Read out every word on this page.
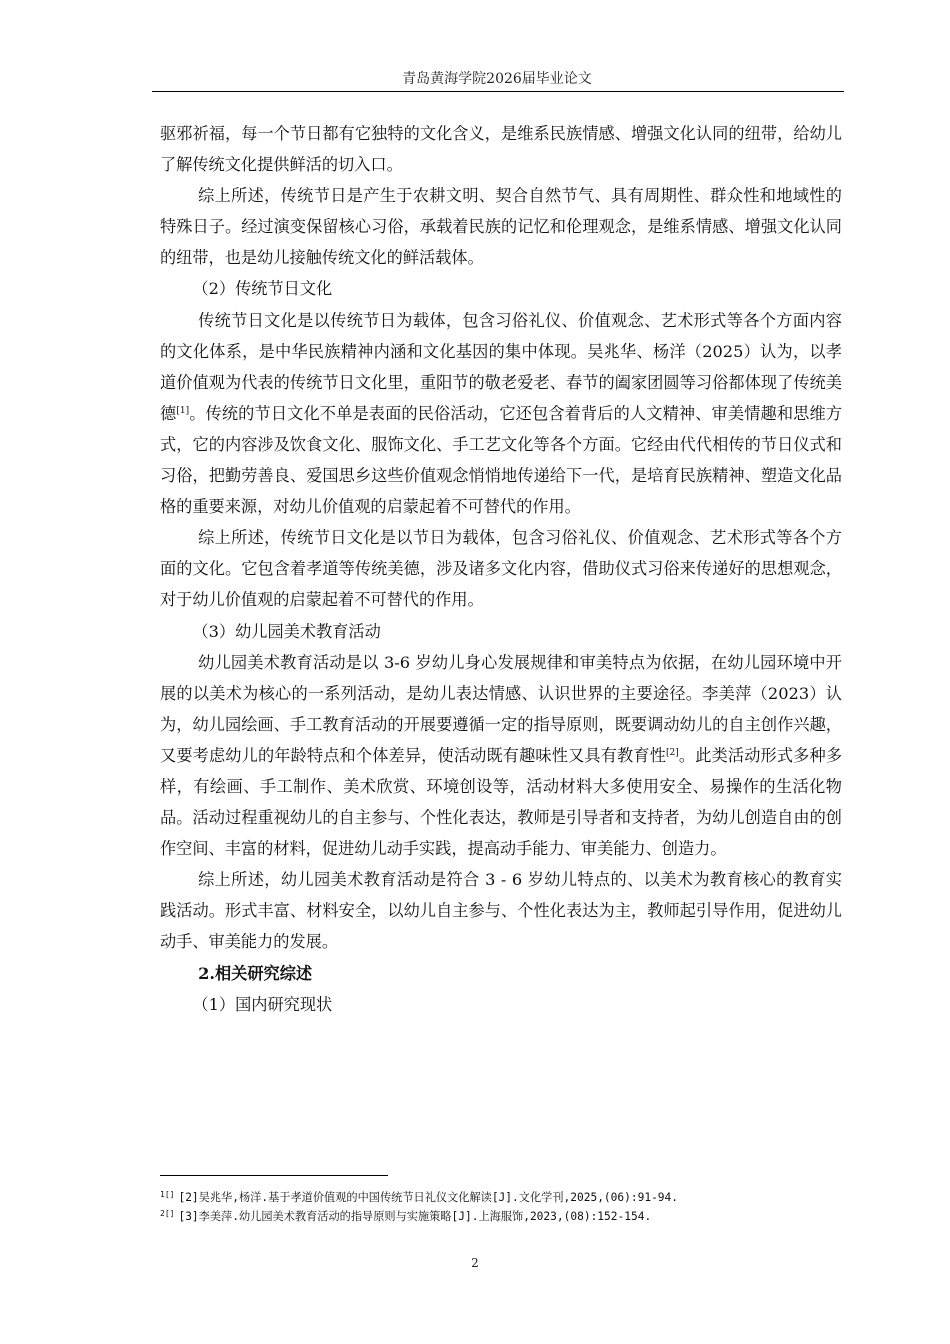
青岛黄海学院2026届毕业论文

驱邪祈福，每一个节日都有它独特的文化含义，是维系民族情感、增强文化认同的纽带，给幼儿了解传统文化提供鲜活的切入口。

综上所述，传统节日是产生于农耕文明、契合自然节气、具有周期性、群众性和地域性的特殊日子。经过演变保留核心习俗，承载着民族的记忆和伦理观念，是维系情感、增强文化认同的纽带，也是幼儿接触传统文化的鲜活载体。

（2）传统节日文化

传统节日文化是以传统节日为载体，包含习俗礼仪、价值观念、艺术形式等各个方面内容的文化体系，是中华民族精神内涵和文化基因的集中体现。吴兆华、杨洋（2025）认为，以孝道价值观为代表的传统节日文化里，重阳节的敬老爱老、春节的阖家团圆等习俗都体现了传统美德[1]。传统的节日文化不单是表面的民俗活动，它还包含着背后的人文精神、审美情趣和思维方式，它的内容涉及饮食文化、服饰文化、手工艺文化等各个方面。它经由代代相传的节日仪式和习俗，把勤劳善良、爱国思乡这些价值观念悄悄地传递给下一代，是培育民族精神、塑造文化品格的重要来源，对幼儿价值观的启蒙起着不可替代的作用。

综上所述，传统节日文化是以节日为载体，包含习俗礼仪、价值观念、艺术形式等各个方面的文化。它包含着孝道等传统美德，涉及诸多文化内容，借助仪式习俗来传递好的思想观念，对于幼儿价值观的启蒙起着不可替代的作用。

（3）幼儿园美术教育活动

幼儿园美术教育活动是以 3-6 岁幼儿身心发展规律和审美特点为依据，在幼儿园环境中开展的以美术为核心的一系列活动，是幼儿表达情感、认识世界的主要途径。李美萍（2023）认为，幼儿园绘画、手工教育活动的开展要遵循一定的指导原则，既要调动幼儿的自主创作兴趣，又要考虑幼儿的年龄特点和个体差异，使活动既有趣味性又具有教育性[2]。此类活动形式多种多样，有绘画、手工制作、美术欣赏、环境创设等，活动材料大多使用安全、易操作的生活化物品。活动过程重视幼儿的自主参与、个性化表达，教师是引导者和支持者，为幼儿创造自由的创作空间、丰富的材料，促进幼儿动手实践，提高动手能力、审美能力、创造力。

综上所述，幼儿园美术教育活动是符合 3 - 6 岁幼儿特点的、以美术为教育核心的教育实践活动。形式丰富、材料安全，以幼儿自主参与、个性化表达为主，教师起引导作用，促进幼儿动手、审美能力的发展。

2.相关研究综述

（1）国内研究现状

$^{1[]}$ [2]吴兆华,杨洋.基于孝道价值观的中国传统节日礼仪文化解读[J].文化学刊,2025,(06):91-94.
$^{2[]}$ [3]李美萍.幼儿园美术教育活动的指导原则与实施策略[J].上海服饰,2023,(08):152-154.
2
